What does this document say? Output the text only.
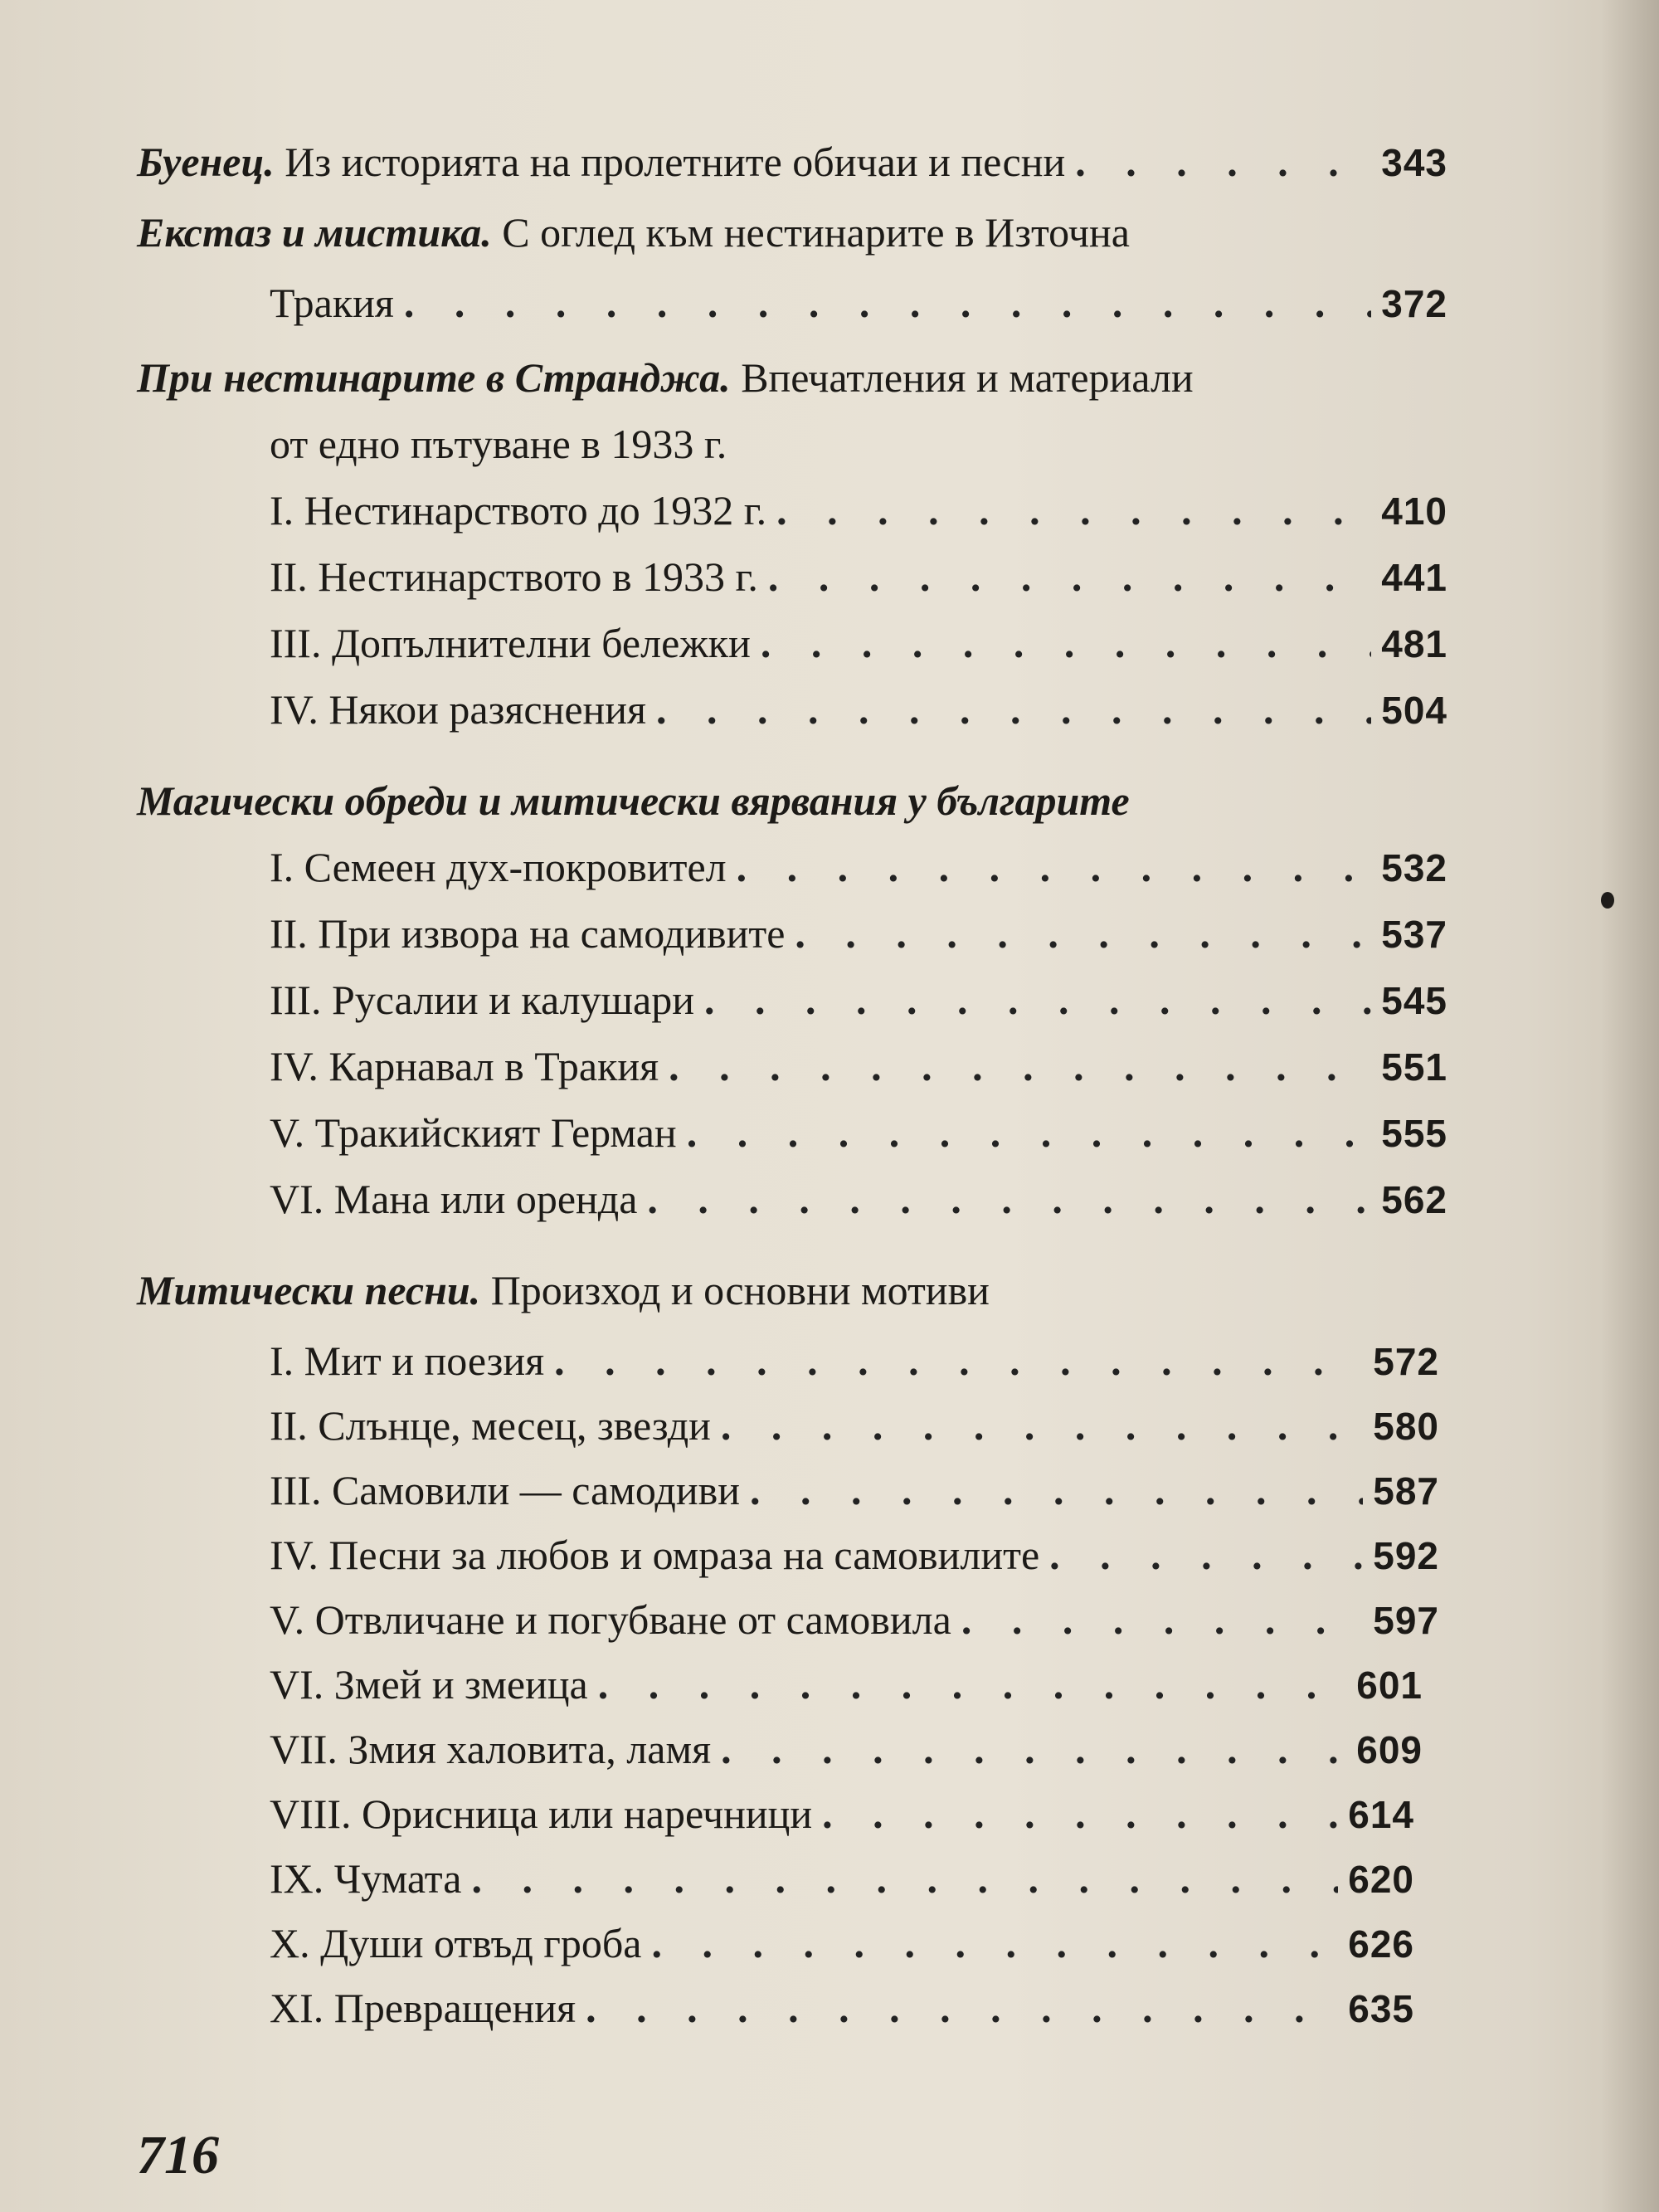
Буенец. Из историята на пролетните обичаи и песни . . .	343
Екстаз и мистика. С оглед към нестинарите в Източна
Тракия . . .	372
При нестинарите в Странджа. Впечатления и материали
от едно пътуване в 1933 г.
I. Нестинарството до 1932 г. . . .	410
II. Нестинарството в 1933 г. . . .	441
III. Допълнителни бележки . . .	481
IV. Някои разяснения . . .	504
Магически обреди и митически вярвания у българите
I. Семеен дух-покровител . . .	532
II. При извора на самодивите . . .	537
III. Русалии и калушари . . .	545
IV. Карнавал в Тракия . . .	551
V. Тракийският Герман . . .	555
VI. Мана или оренда . . .	562
Митически песни. Произход и основни мотиви
I. Мит и поезия . . .	572
II. Слънце, месец, звезди . . .	580
III. Самовили — самодиви . . .	587
IV. Песни за любов и омраза на самовилите . . .	592
V. Отвличане и погубване от самовила . . .	597
VI. Змей и змеица . . .	601
VII. Змия халовита, ламя . . .	609
VIII. Орисница или наречници . . .	614
IX. Чумата . . .	620
X. Души отвъд гроба . . .	626
XI. Превращения . . .	635
716
